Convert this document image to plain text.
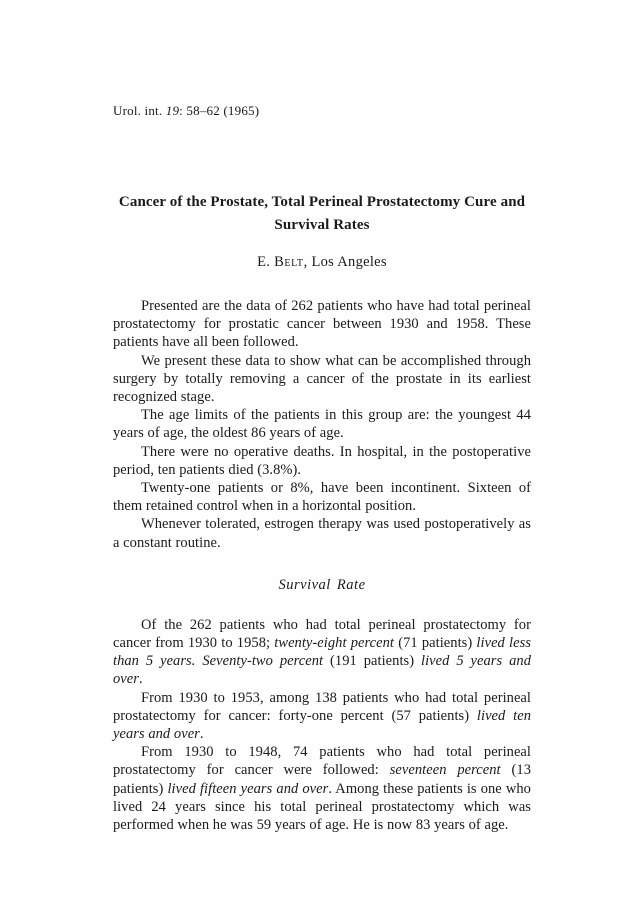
Urol. int. 19: 58–62 (1965)
Cancer of the Prostate, Total Perineal Prostatectomy Cure and
Survival Rates
E. Belt, Los Angeles

Presented are the data of 262 patients who have had total perineal prostatectomy for prostatic cancer between 1930 and 1958. These patients have all been followed.

We present these data to show what can be accomplished through surgery by totally removing a cancer of the prostate in its earliest recognized stage.

The age limits of the patients in this group are: the youngest 44 years of age, the oldest 86 years of age.

There were no operative deaths. In hospital, in the postoperative period, ten patients died (3.8%).

Twenty-one patients or 8%, have been incontinent. Sixteen of them retained control when in a horizontal position.

Whenever tolerated, estrogen therapy was used postoperatively as a constant routine.

Survival Rate

Of the 262 patients who had total perineal prostatectomy for cancer from 1930 to 1958; twenty-eight percent (71 patients) lived less than 5 years. Seventy-two percent (191 patients) lived 5 years and over.

From 1930 to 1953, among 138 patients who had total perineal prostatectomy for cancer: forty-one percent (57 patients) lived ten years and over.

From 1930 to 1948, 74 patients who had total perineal prostatectomy for cancer were followed: seventeen percent (13 patients) lived fifteen years and over. Among these patients is one who lived 24 years since his total perineal prostatectomy which was performed when he was 59 years of age. He is now 83 years of age.
